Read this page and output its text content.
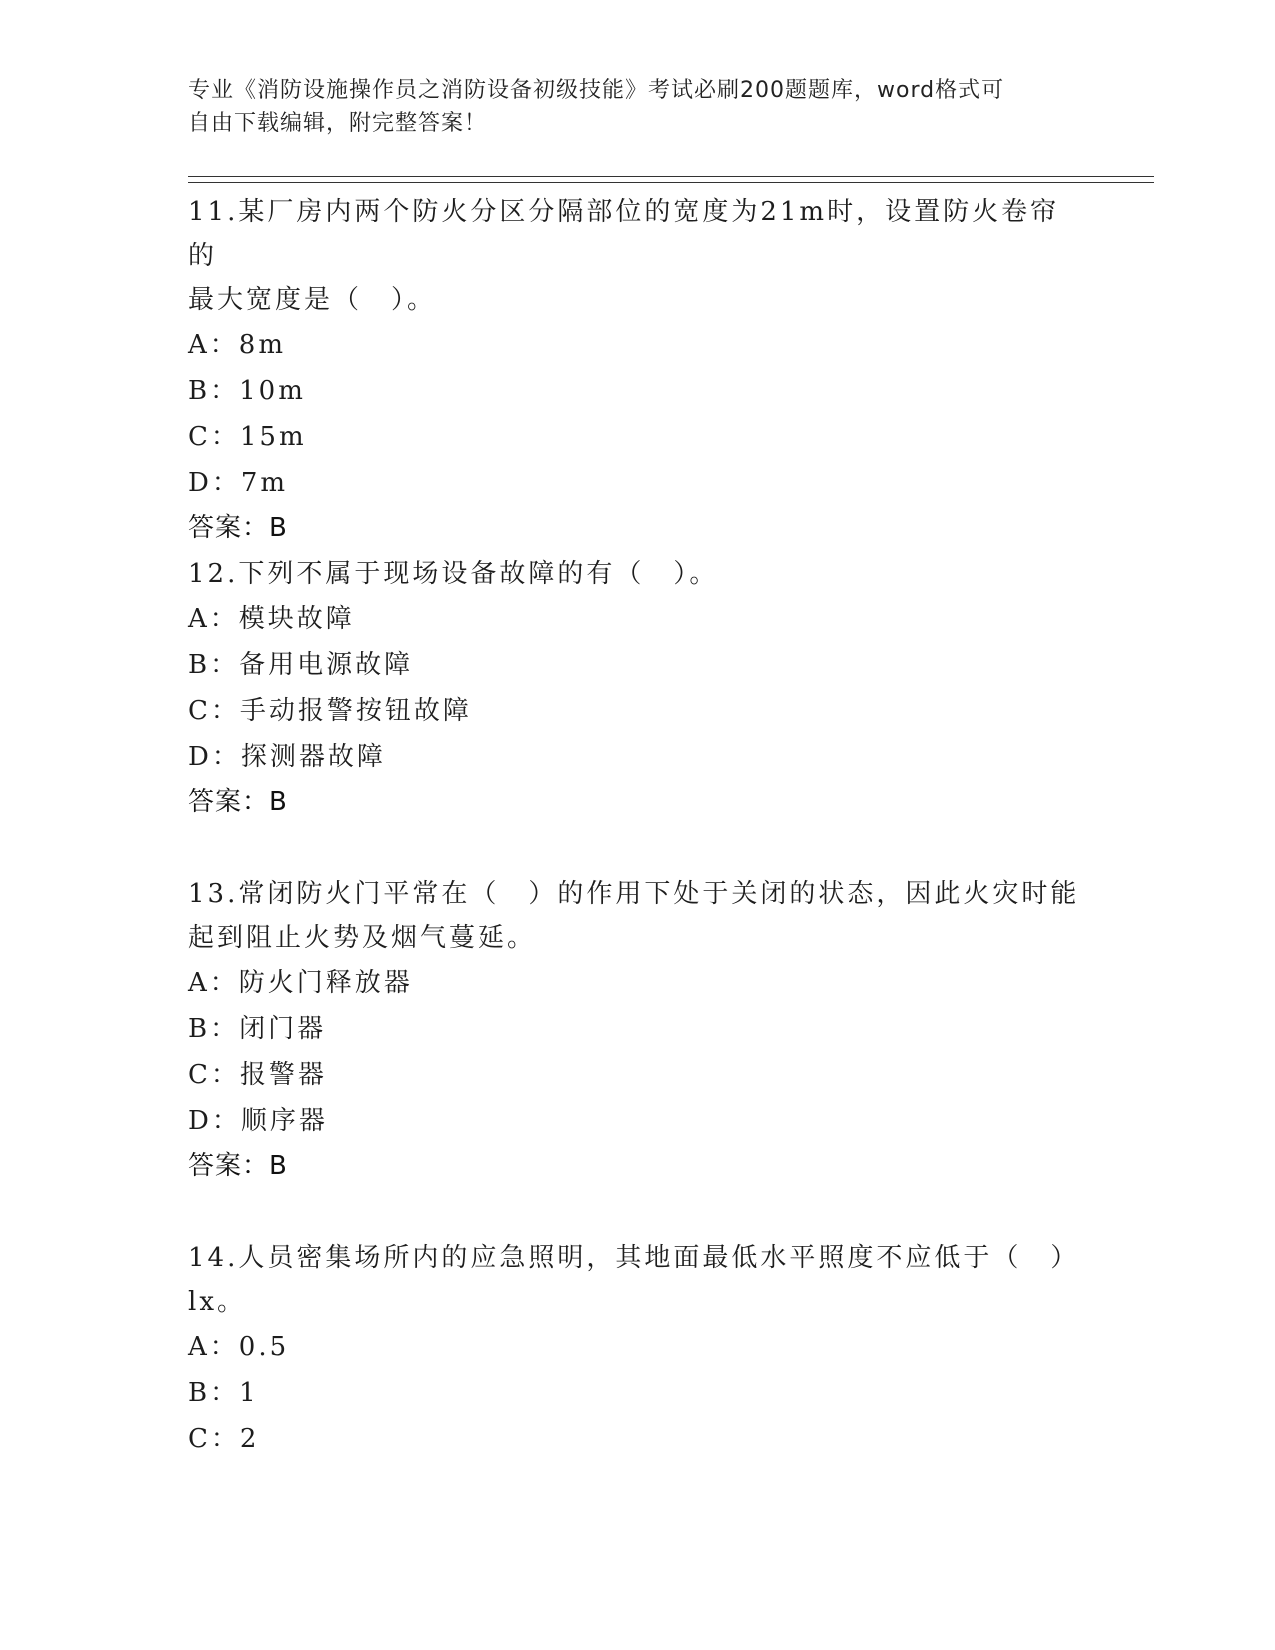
专业《消防设施操作员之消防设备初级技能》考试必刷200题题库，word格式可
自由下载编辑，附完整答案！
11.某厂房内两个防火分区分隔部位的宽度为21m时，设置防火卷帘的
最大宽度是（　）。
A：8m
B：10m
C：15m
D：7m
答案：B
12.下列不属于现场设备故障的有（　）。
A：模块故障
B：备用电源故障
C：手动报警按钮故障
D：探测器故障
答案：B
13.常闭防火门平常在（　）的作用下处于关闭的状态，因此火灾时能
起到阻止火势及烟气蔓延。
A：防火门释放器
B：闭门器
C：报警器
D：顺序器
答案：B
14.人员密集场所内的应急照明，其地面最低水平照度不应低于（　）
lx。
A：0.5
B：1
C：2
